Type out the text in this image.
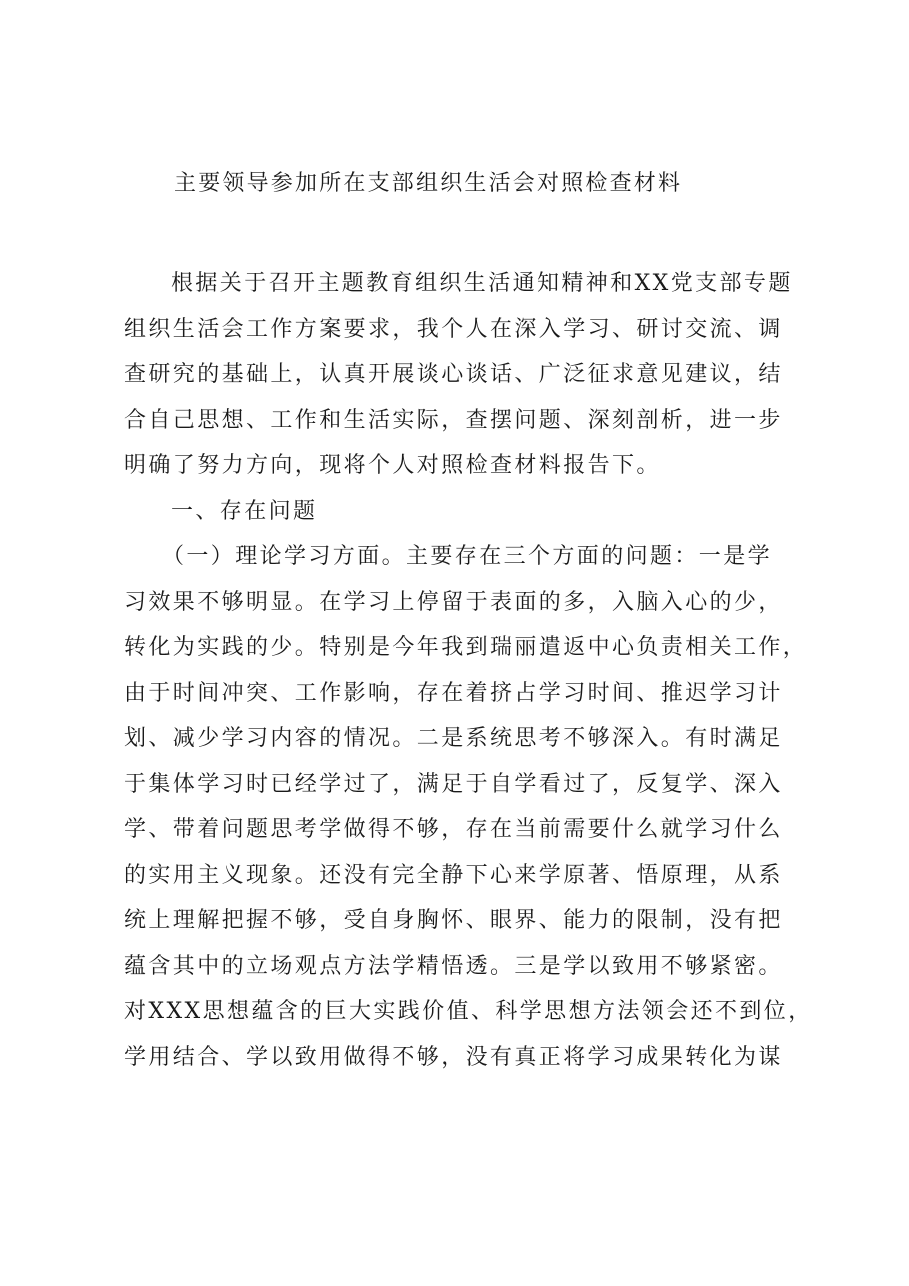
主要领导参加所在支部组织生活会对照检查材料
根据关于召开主题教育组织生活通知精神和XX党支部专题
组织生活会工作方案要求，我个人在深入学习、研讨交流、调
查研究的基础上，认真开展谈心谈话、广泛征求意见建议，结
合自己思想、工作和生活实际，查摆问题、深刻剖析，进一步
明确了努力方向，现将个人对照检查材料报告下。
一、存在问题
（一）理论学习方面。主要存在三个方面的问题：一是学
习效果不够明显。在学习上停留于表面的多，入脑入心的少，
转化为实践的少。特别是今年我到瑞丽遣返中心负责相关工作，
由于时间冲突、工作影响，存在着挤占学习时间、推迟学习计
划、减少学习内容的情况。二是系统思考不够深入。有时满足
于集体学习时已经学过了，满足于自学看过了，反复学、深入
学、带着问题思考学做得不够，存在当前需要什么就学习什么
的实用主义现象。还没有完全静下心来学原著、悟原理，从系
统上理解把握不够，受自身胸怀、眼界、能力的限制，没有把
蕴含其中的立场观点方法学精悟透。三是学以致用不够紧密。
对XXX思想蕴含的巨大实践价值、科学思想方法领会还不到位，
学用结合、学以致用做得不够，没有真正将学习成果转化为谋
